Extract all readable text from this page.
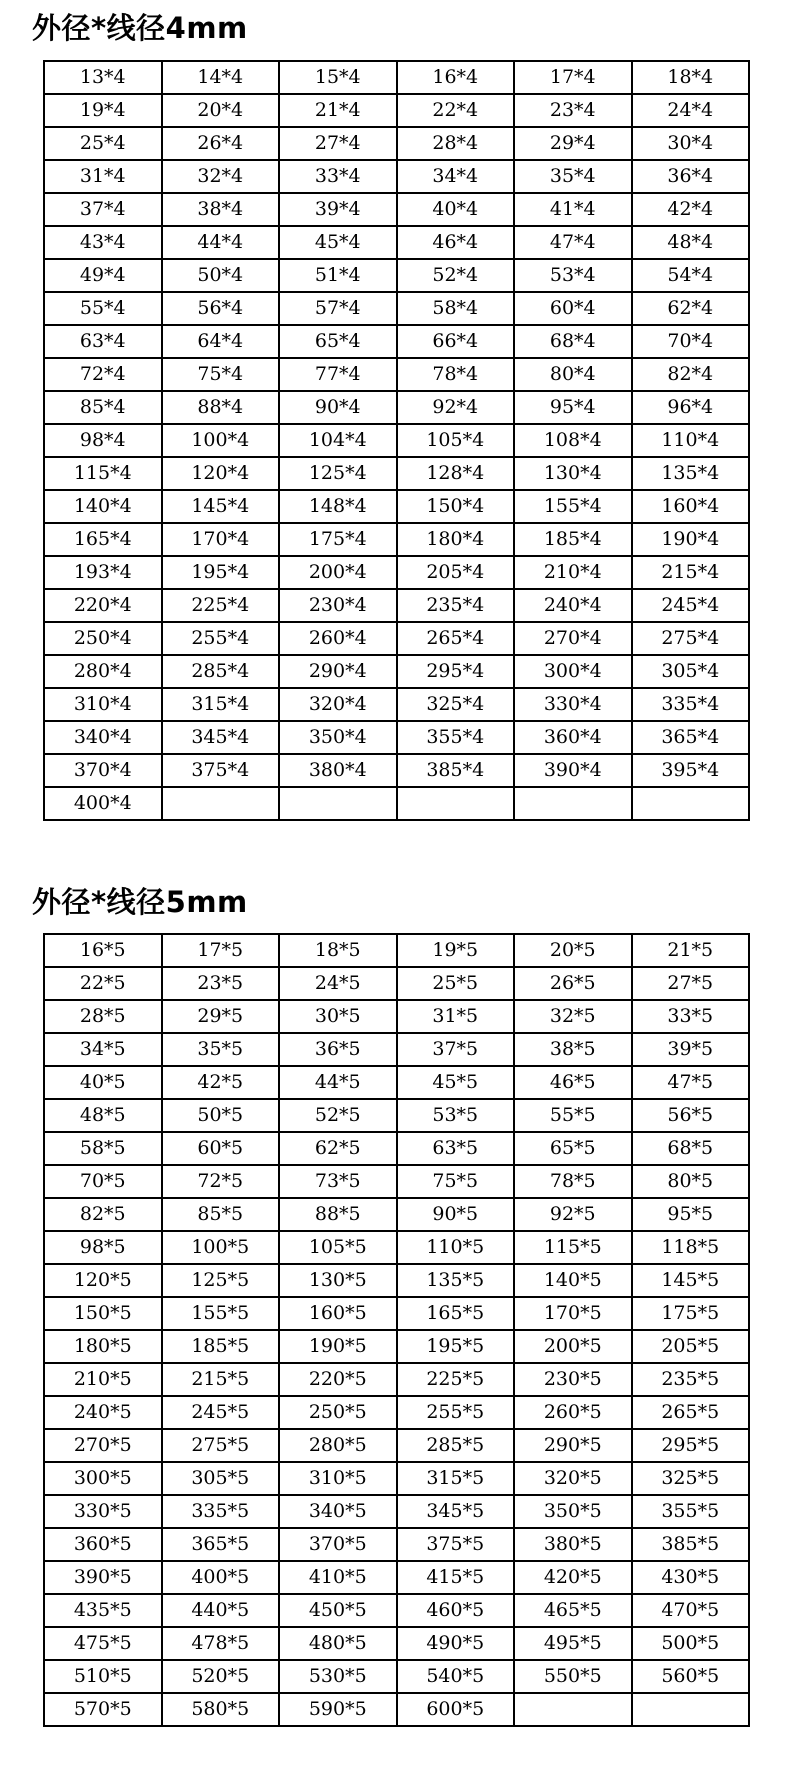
外径*线径4mm
13*4	14*4	15*4	16*4	17*4	18*4
19*4	20*4	21*4	22*4	23*4	24*4
25*4	26*4	27*4	28*4	29*4	30*4
31*4	32*4	33*4	34*4	35*4	36*4
37*4	38*4	39*4	40*4	41*4	42*4
43*4	44*4	45*4	46*4	47*4	48*4
49*4	50*4	51*4	52*4	53*4	54*4
55*4	56*4	57*4	58*4	60*4	62*4
63*4	64*4	65*4	66*4	68*4	70*4
72*4	75*4	77*4	78*4	80*4	82*4
85*4	88*4	90*4	92*4	95*4	96*4
98*4	100*4	104*4	105*4	108*4	110*4
115*4	120*4	125*4	128*4	130*4	135*4
140*4	145*4	148*4	150*4	155*4	160*4
165*4	170*4	175*4	180*4	185*4	190*4
193*4	195*4	200*4	205*4	210*4	215*4
220*4	225*4	230*4	235*4	240*4	245*4
250*4	255*4	260*4	265*4	270*4	275*4
280*4	285*4	290*4	295*4	300*4	305*4
310*4	315*4	320*4	325*4	330*4	335*4
340*4	345*4	350*4	355*4	360*4	365*4
370*4	375*4	380*4	385*4	390*4	395*4
400*4					
外径*线径5mm
16*5	17*5	18*5	19*5	20*5	21*5
22*5	23*5	24*5	25*5	26*5	27*5
28*5	29*5	30*5	31*5	32*5	33*5
34*5	35*5	36*5	37*5	38*5	39*5
40*5	42*5	44*5	45*5	46*5	47*5
48*5	50*5	52*5	53*5	55*5	56*5
58*5	60*5	62*5	63*5	65*5	68*5
70*5	72*5	73*5	75*5	78*5	80*5
82*5	85*5	88*5	90*5	92*5	95*5
98*5	100*5	105*5	110*5	115*5	118*5
120*5	125*5	130*5	135*5	140*5	145*5
150*5	155*5	160*5	165*5	170*5	175*5
180*5	185*5	190*5	195*5	200*5	205*5
210*5	215*5	220*5	225*5	230*5	235*5
240*5	245*5	250*5	255*5	260*5	265*5
270*5	275*5	280*5	285*5	290*5	295*5
300*5	305*5	310*5	315*5	320*5	325*5
330*5	335*5	340*5	345*5	350*5	355*5
360*5	365*5	370*5	375*5	380*5	385*5
390*5	400*5	410*5	415*5	420*5	430*5
435*5	440*5	450*5	460*5	465*5	470*5
475*5	478*5	480*5	490*5	495*5	500*5
510*5	520*5	530*5	540*5	550*5	560*5
570*5	580*5	590*5	600*5		
